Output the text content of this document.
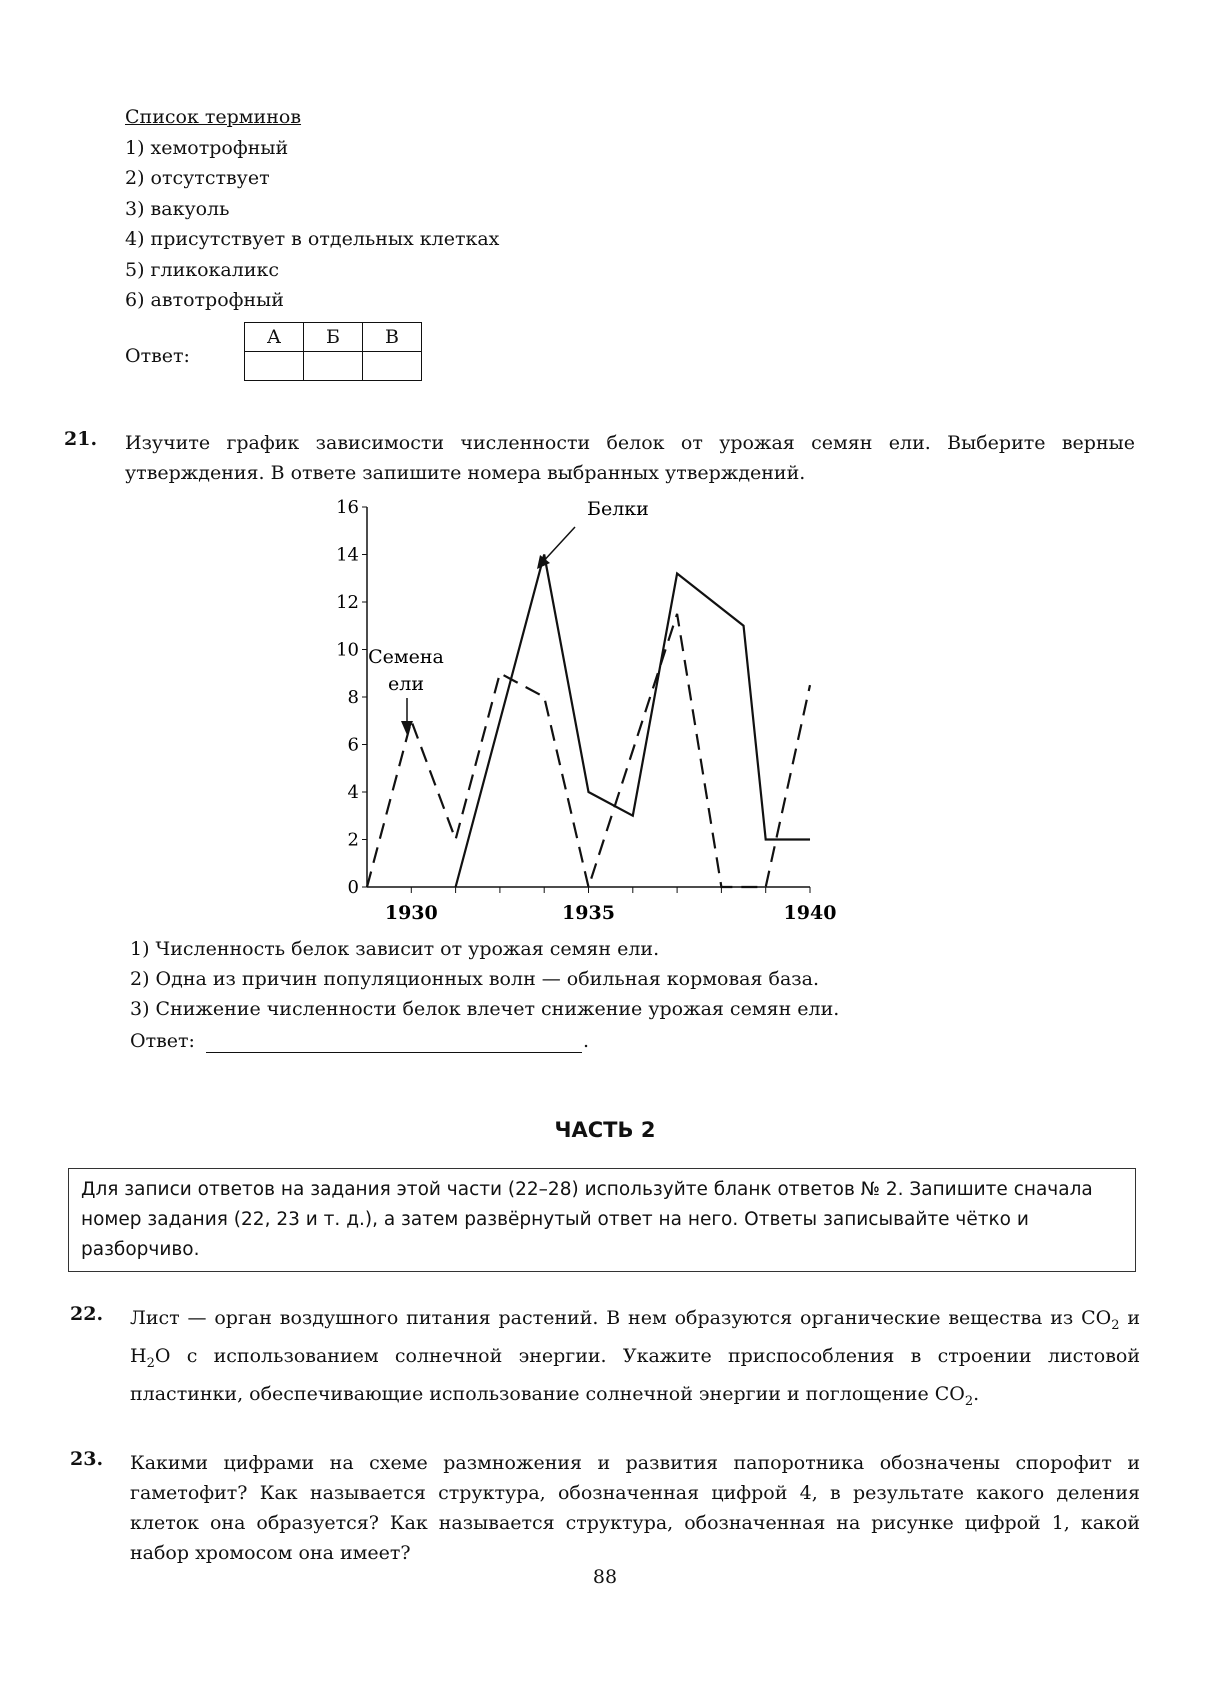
Список терминов
1) хемотрофный
2) отсутствует
3) вакуоль
4) присутствует в отдельных клетках
5) гликокаликс
6) автотрофный
Ответ:
А	Б	В

21. Изучите график зависимости численности белок от урожая семян ели. Выберите верные утверждения. В ответе запишите номера выбранных утверждений.
0
2
4
6
8
10
12
14
16
1930	1935	1940
Белки
Семена
ели
1) Численность белок зависит от урожая семян ели.
2) Одна из причин популяционных волн — обильная кормовая база.
3) Снижение численности белок влечет снижение урожая семян ели.
Ответ:	.
ЧАСТЬ 2
Для записи ответов на задания этой части (22–28) используйте бланк ответов № 2. Запишите сначала номер задания (22, 23 и т. д.), а затем развёрнутый ответ на него. Ответы записывайте чётко и разборчиво.
22. Лист — орган воздушного питания растений. В нем образуются органические вещества из $CO_2$ и $H_2O$ с использованием солнечной энергии. Укажите приспособления в строении листовой пластинки, обеспечивающие использование солнечной энергии и поглощение $CO_2$.
23. Какими цифрами на схеме размножения и развития папоротника обозначены спорофит и гаметофит? Как называется структура, обозначенная цифрой 4, в результате какого деления клеток она образуется? Как называется структура, обозначенная на рисунке цифрой 1, какой набор хромосом она имеет?
88
